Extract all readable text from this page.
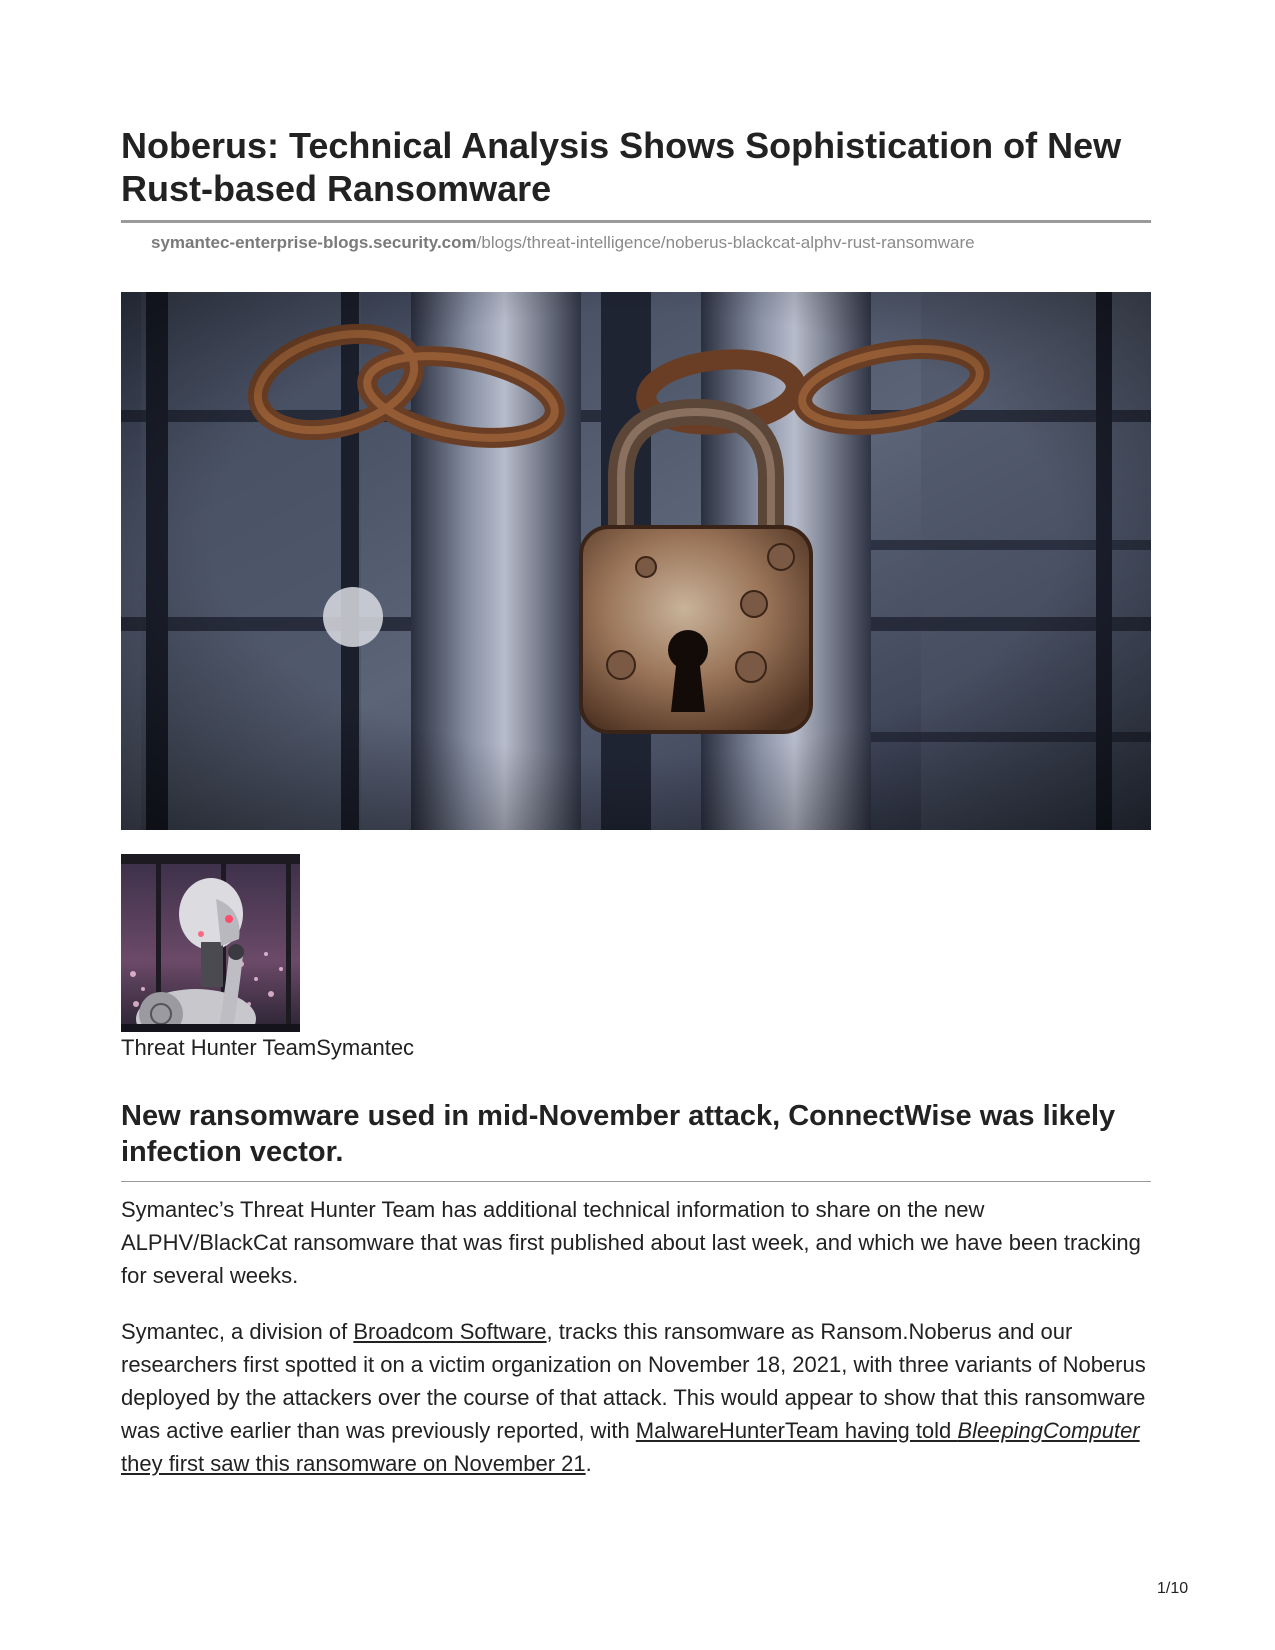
Noberus: Technical Analysis Shows Sophistication of New Rust-based Ransomware
symantec-enterprise-blogs.security.com/blogs/threat-intelligence/noberus-blackcat-alphv-rust-ransomware
Threat Hunter TeamSymantec
New ransomware used in mid-November attack, ConnectWise was likely infection vector.

Symantec’s Threat Hunter Team has additional technical information to share on the new ALPHV/BlackCat ransomware that was first published about last week, and which we have been tracking for several weeks.

Symantec, a division of Broadcom Software, tracks this ransomware as Ransom.Noberus and our researchers first spotted it on a victim organization on November 18, 2021, with three variants of Noberus deployed by the attackers over the course of that attack. This would appear to show that this ransomware was active earlier than was previously reported, with MalwareHunterTeam having told BleepingComputer they first saw this ransomware on November 21.

1/10
